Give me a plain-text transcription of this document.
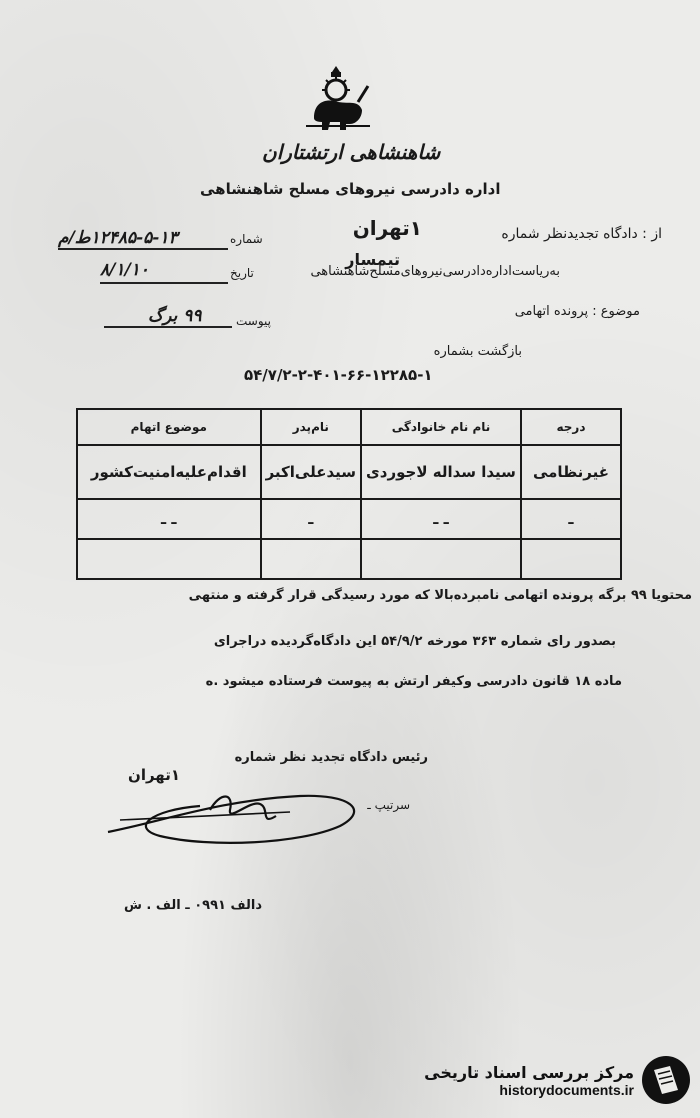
شاهنشاهی ارتشتاران
اداره دادرسی نیروهای مسلح شاهنشاهی
از : دادگاه تجدیدنظر شماره
۱تهران
شماره
۱۲۴۸۵-۵-۱۳ط/م
تیمسار
به‌ریاست‌اداره‌دادرسی‌نیروهای‌مسلح‌شاهنشاهی
تاریخ
۸/۱/۱۰
پیوست
۹۹ برگ	موضوع : پرونده اتهامی
بازگشت بشماره
۵۴/۷/۲-۲-۴۰۱-۶۶-۱۲۲۸۵-۱
درجه	نام نام خانوادگی	نام‌پدر	موضوع اتهام
غیرنظامی	سیدا سداله لاجوردی	سیدعلی‌اکبر	اقدام‌علیه‌امنیت‌کشور
ـ	ـ ـ	ـ	ـ ـ

محتویا ۹۹ برگه پرونده اتهامی نامبرده‌بالا که مورد رسیدگی قرار گرفته و منتهی
بصدور رای شماره ۳۶۳ مورخه ۵۴/۹/۲ این دادگاه‌گردیده دراجرای
ماده ۱۸ قانون دادرسی وکیفر ارتش به پیوست فرستاده میشود .ه
رئیس دادگاه تجدید نظر شماره
۱تهران
سرتیپ ـ
دالف ۰۹۹۱ ـ الف . ش
مرکز بررسی اسناد تاریخی
historydocuments.ir
